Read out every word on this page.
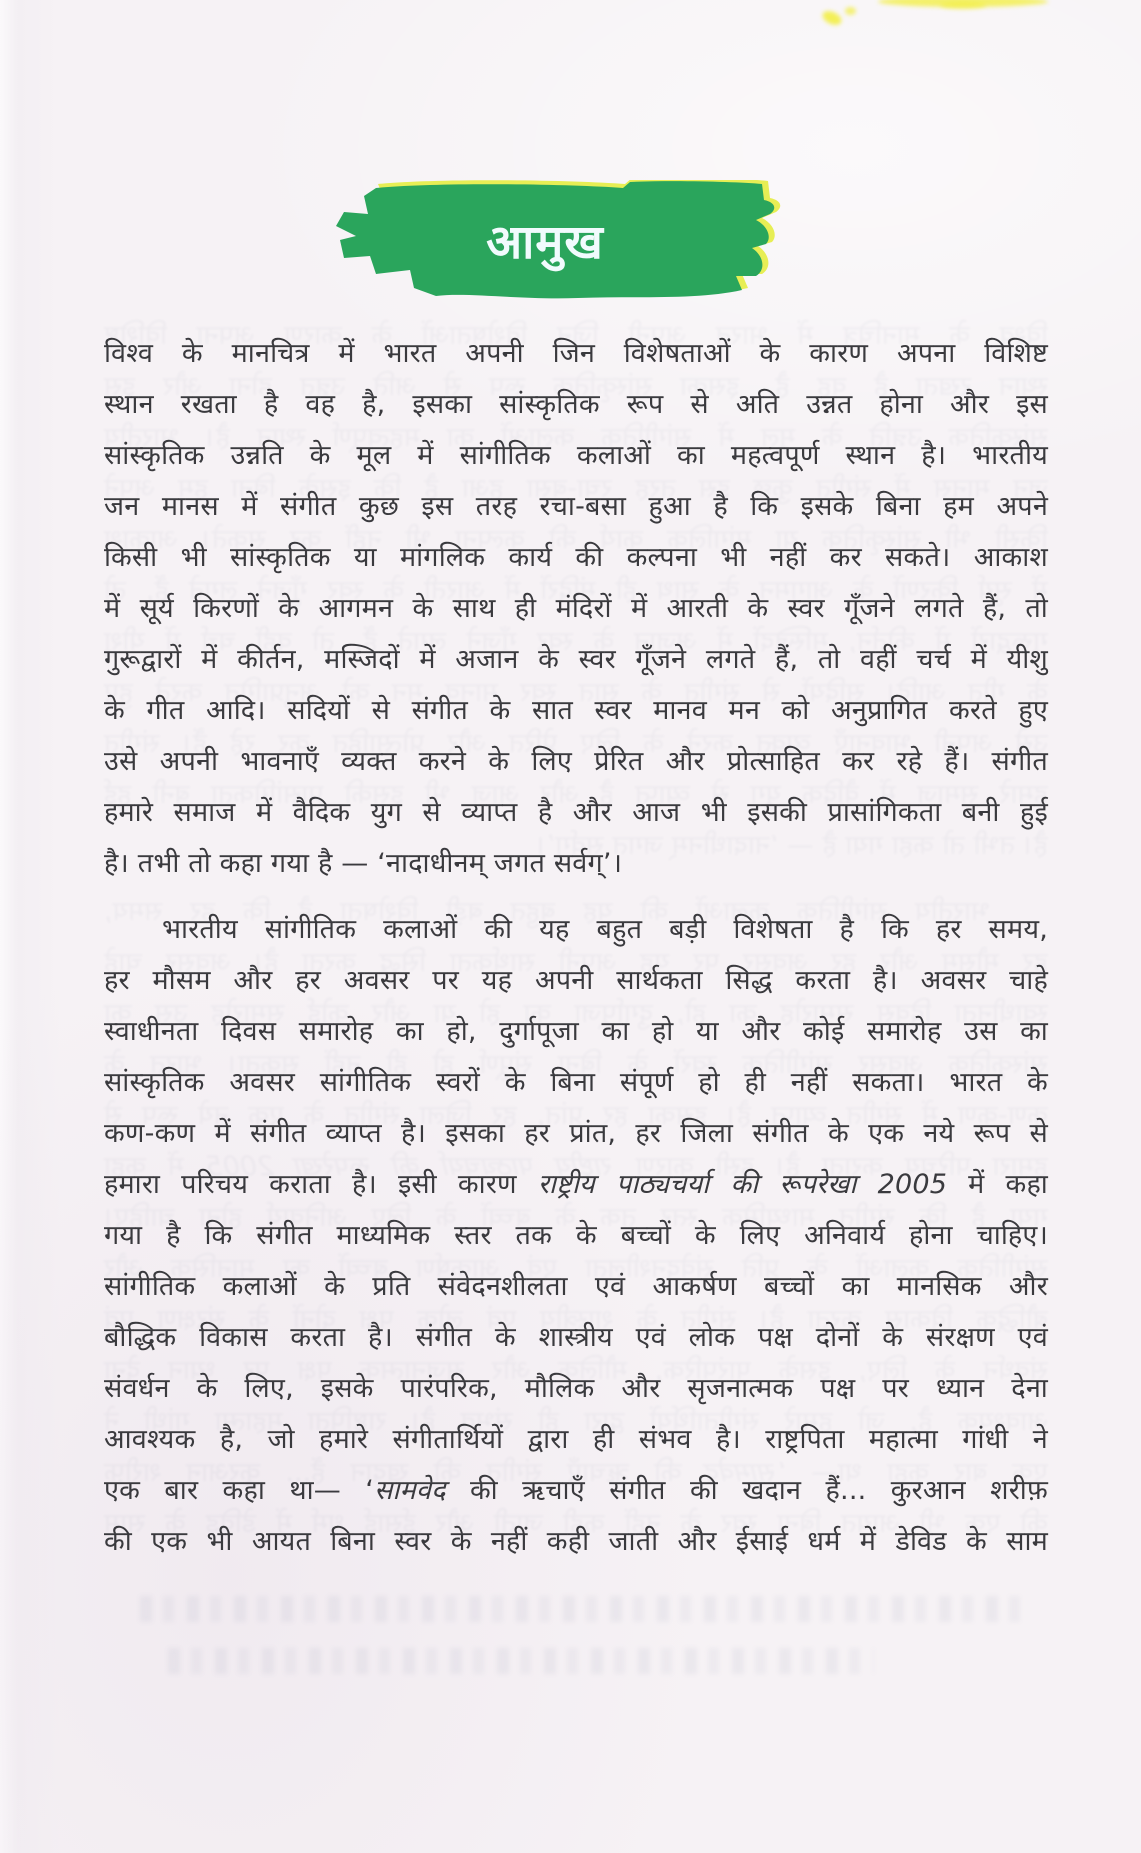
आमुख
विश्व के मानचित्र में भारत अपनी जिन विशेषताओं के कारण अपना विशिष्ट
स्थान रखता है वह है, इसका सांस्कृतिक रूप से अति उन्नत होना और इस
सांस्कृतिक उन्नति के मूल में सांगीतिक कलाओं का महत्वपूर्ण स्थान है। भारतीय
जन मानस में संगीत कुछ इस तरह रचा-बसा हुआ है कि इसके बिना हम अपने
किसी भी सांस्कृतिक या मांगलिक कार्य की कल्पना भी नहीं कर सकते। आकाश
में सूर्य किरणों के आगमन के साथ ही मंदिरों में आरती के स्वर गूँजने लगते हैं, तो
गुरूद्वारों में कीर्तन, मस्जिदों में अजान के स्वर गूँजने लगते हैं, तो वहीं चर्च में यीशु
के गीत आदि। सदियों से संगीत के सात स्वर मानव मन को अनुप्रागित करते हुए
उसे अपनी भावनाएँ व्यक्त करने के लिए प्रेरित और प्रोत्साहित कर रहे हैं। संगीत
हमारे समाज में वैदिक युग से व्याप्त है और आज भी इसकी प्रासांगिकता बनी हुई
है। तभी तो कहा गया है — ‘नादाधीनम् जगत सर्वग्’।
भारतीय सांगीतिक कलाओं की यह बहुत बड़ी विशेषता है कि हर समय,
हर मौसम और हर अवसर पर यह अपनी सार्थकता सिद्ध करता है। अवसर चाहे
स्वाधीनता दिवस समारोह का हो, दुर्गापूजा का हो या और कोई समारोह उस का
सांस्कृतिक अवसर सांगीतिक स्वरों के बिना संपूर्ण हो ही नहीं सकता। भारत के
कण-कण में संगीत व्याप्त है। इसका हर प्रांत, हर जिला संगीत के एक नये रूप से
हमारा परिचय कराता है। इसी कारण राष्ट्रीय पाठ्यचर्या की रूपरेखा 2005 में कहा
गया है कि संगीत माध्यमिक स्तर तक के बच्चों के लिए अनिवार्य होना चाहिए।
सांगीतिक कलाओं के प्रति संवेदनशीलता एवं आकर्षण बच्चों का मानसिक और
बौद्धिक विकास करता है। संगीत के शास्त्रीय एवं लोक पक्ष दोनों के संरक्षण एवं
संवर्धन के लिए, इसके पारंपरिक, मौलिक और सृजनात्मक पक्ष पर ध्यान देना
आवश्यक है, जो हमारे संगीतार्थियों द्वारा ही संभव है। राष्ट्रपिता महात्मा गांधी ने
एक बार कहा था— ‘सामवेद की ऋचाएँ संगीत की खदान हैं... कुरआन शरीफ़
की एक भी आयत बिना स्वर के नहीं कही जाती और ईसाई धर्म में डेविड के साम
